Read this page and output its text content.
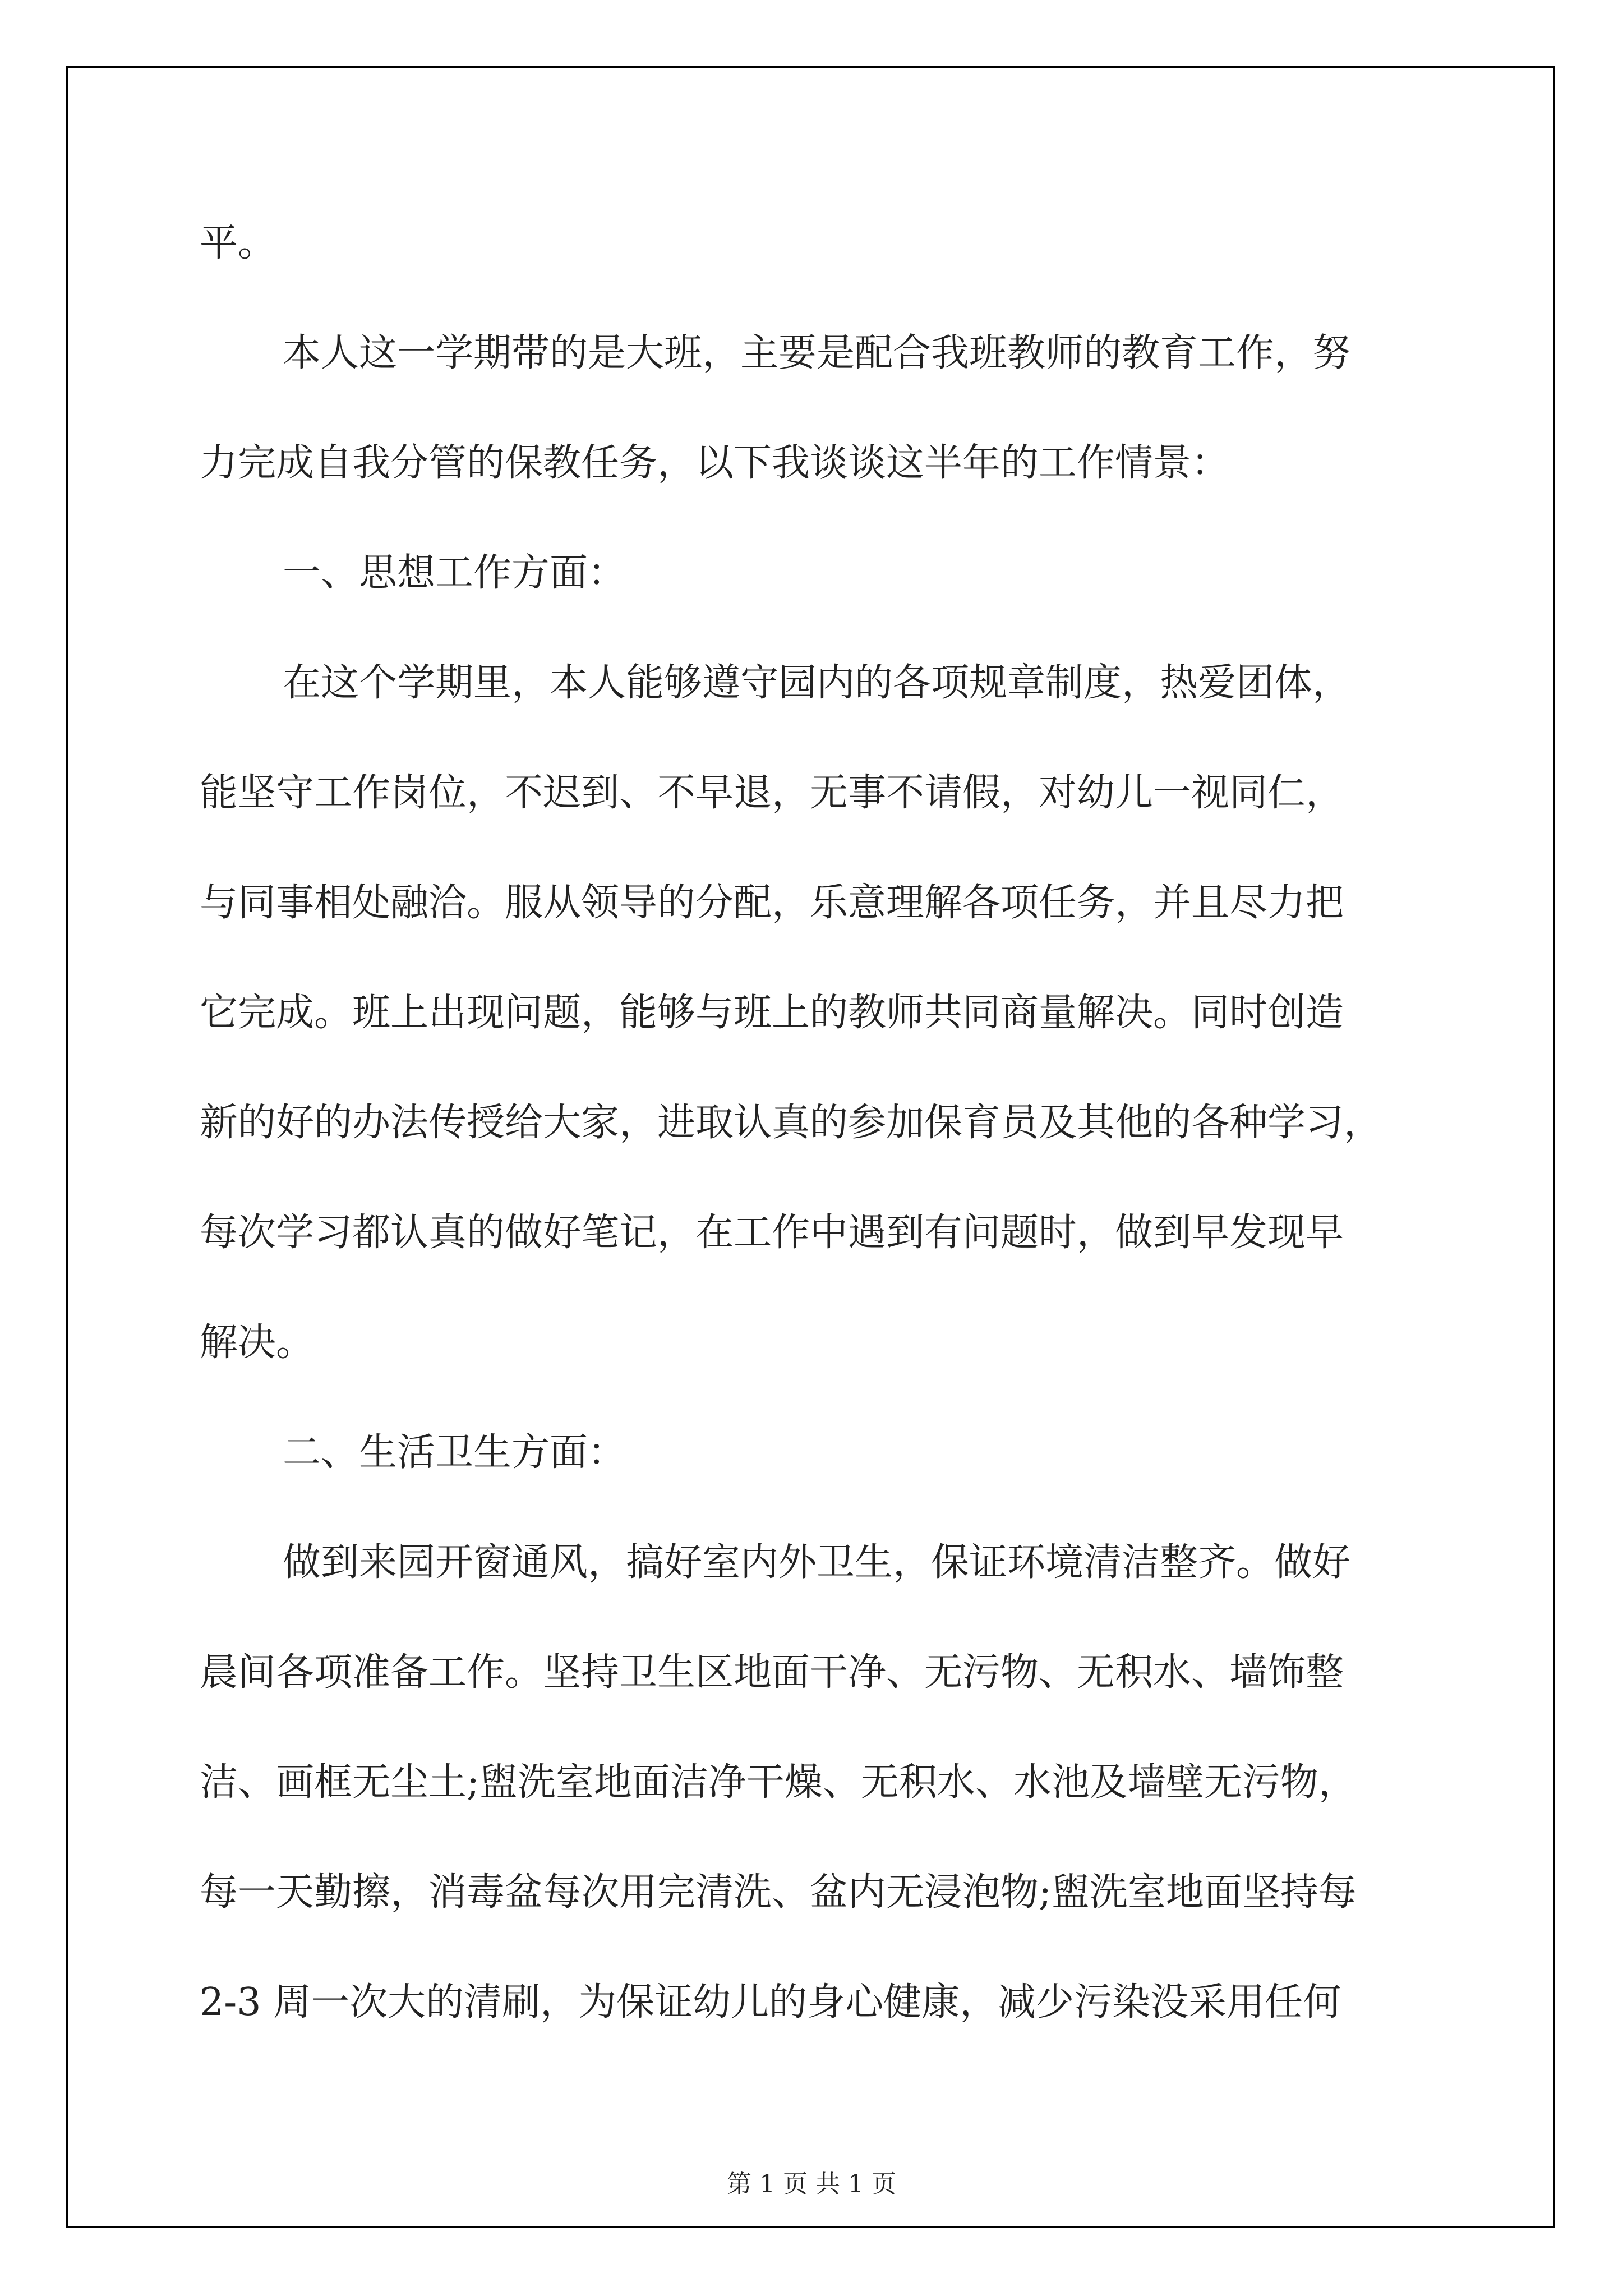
平。
本人这一学期带的是大班，主要是配合我班教师的教育工作，努
力完成自我分管的保教任务，以下我谈谈这半年的工作情景：
一、思想工作方面：
在这个学期里，本人能够遵守园内的各项规章制度，热爱团体，
能坚守工作岗位，不迟到、不早退，无事不请假，对幼儿一视同仁，
与同事相处融洽。服从领导的分配，乐意理解各项任务，并且尽力把
它完成。班上出现问题，能够与班上的教师共同商量解决。同时创造
新的好的办法传授给大家，进取认真的参加保育员及其他的各种学习，
每次学习都认真的做好笔记，在工作中遇到有问题时，做到早发现早
解决。
二、生活卫生方面：
做到来园开窗通风，搞好室内外卫生，保证环境清洁整齐。做好
晨间各项准备工作。坚持卫生区地面干净、无污物、无积水、墙饰整
洁、画框无尘土;盥洗室地面洁净干燥、无积水、水池及墙壁无污物，
每一天勤擦，消毒盆每次用完清洗、盆内无浸泡物;盥洗室地面坚持每
2-3 周一次大的清刷，为保证幼儿的身心健康，减少污染没采用任何
第 1 页 共 1 页
